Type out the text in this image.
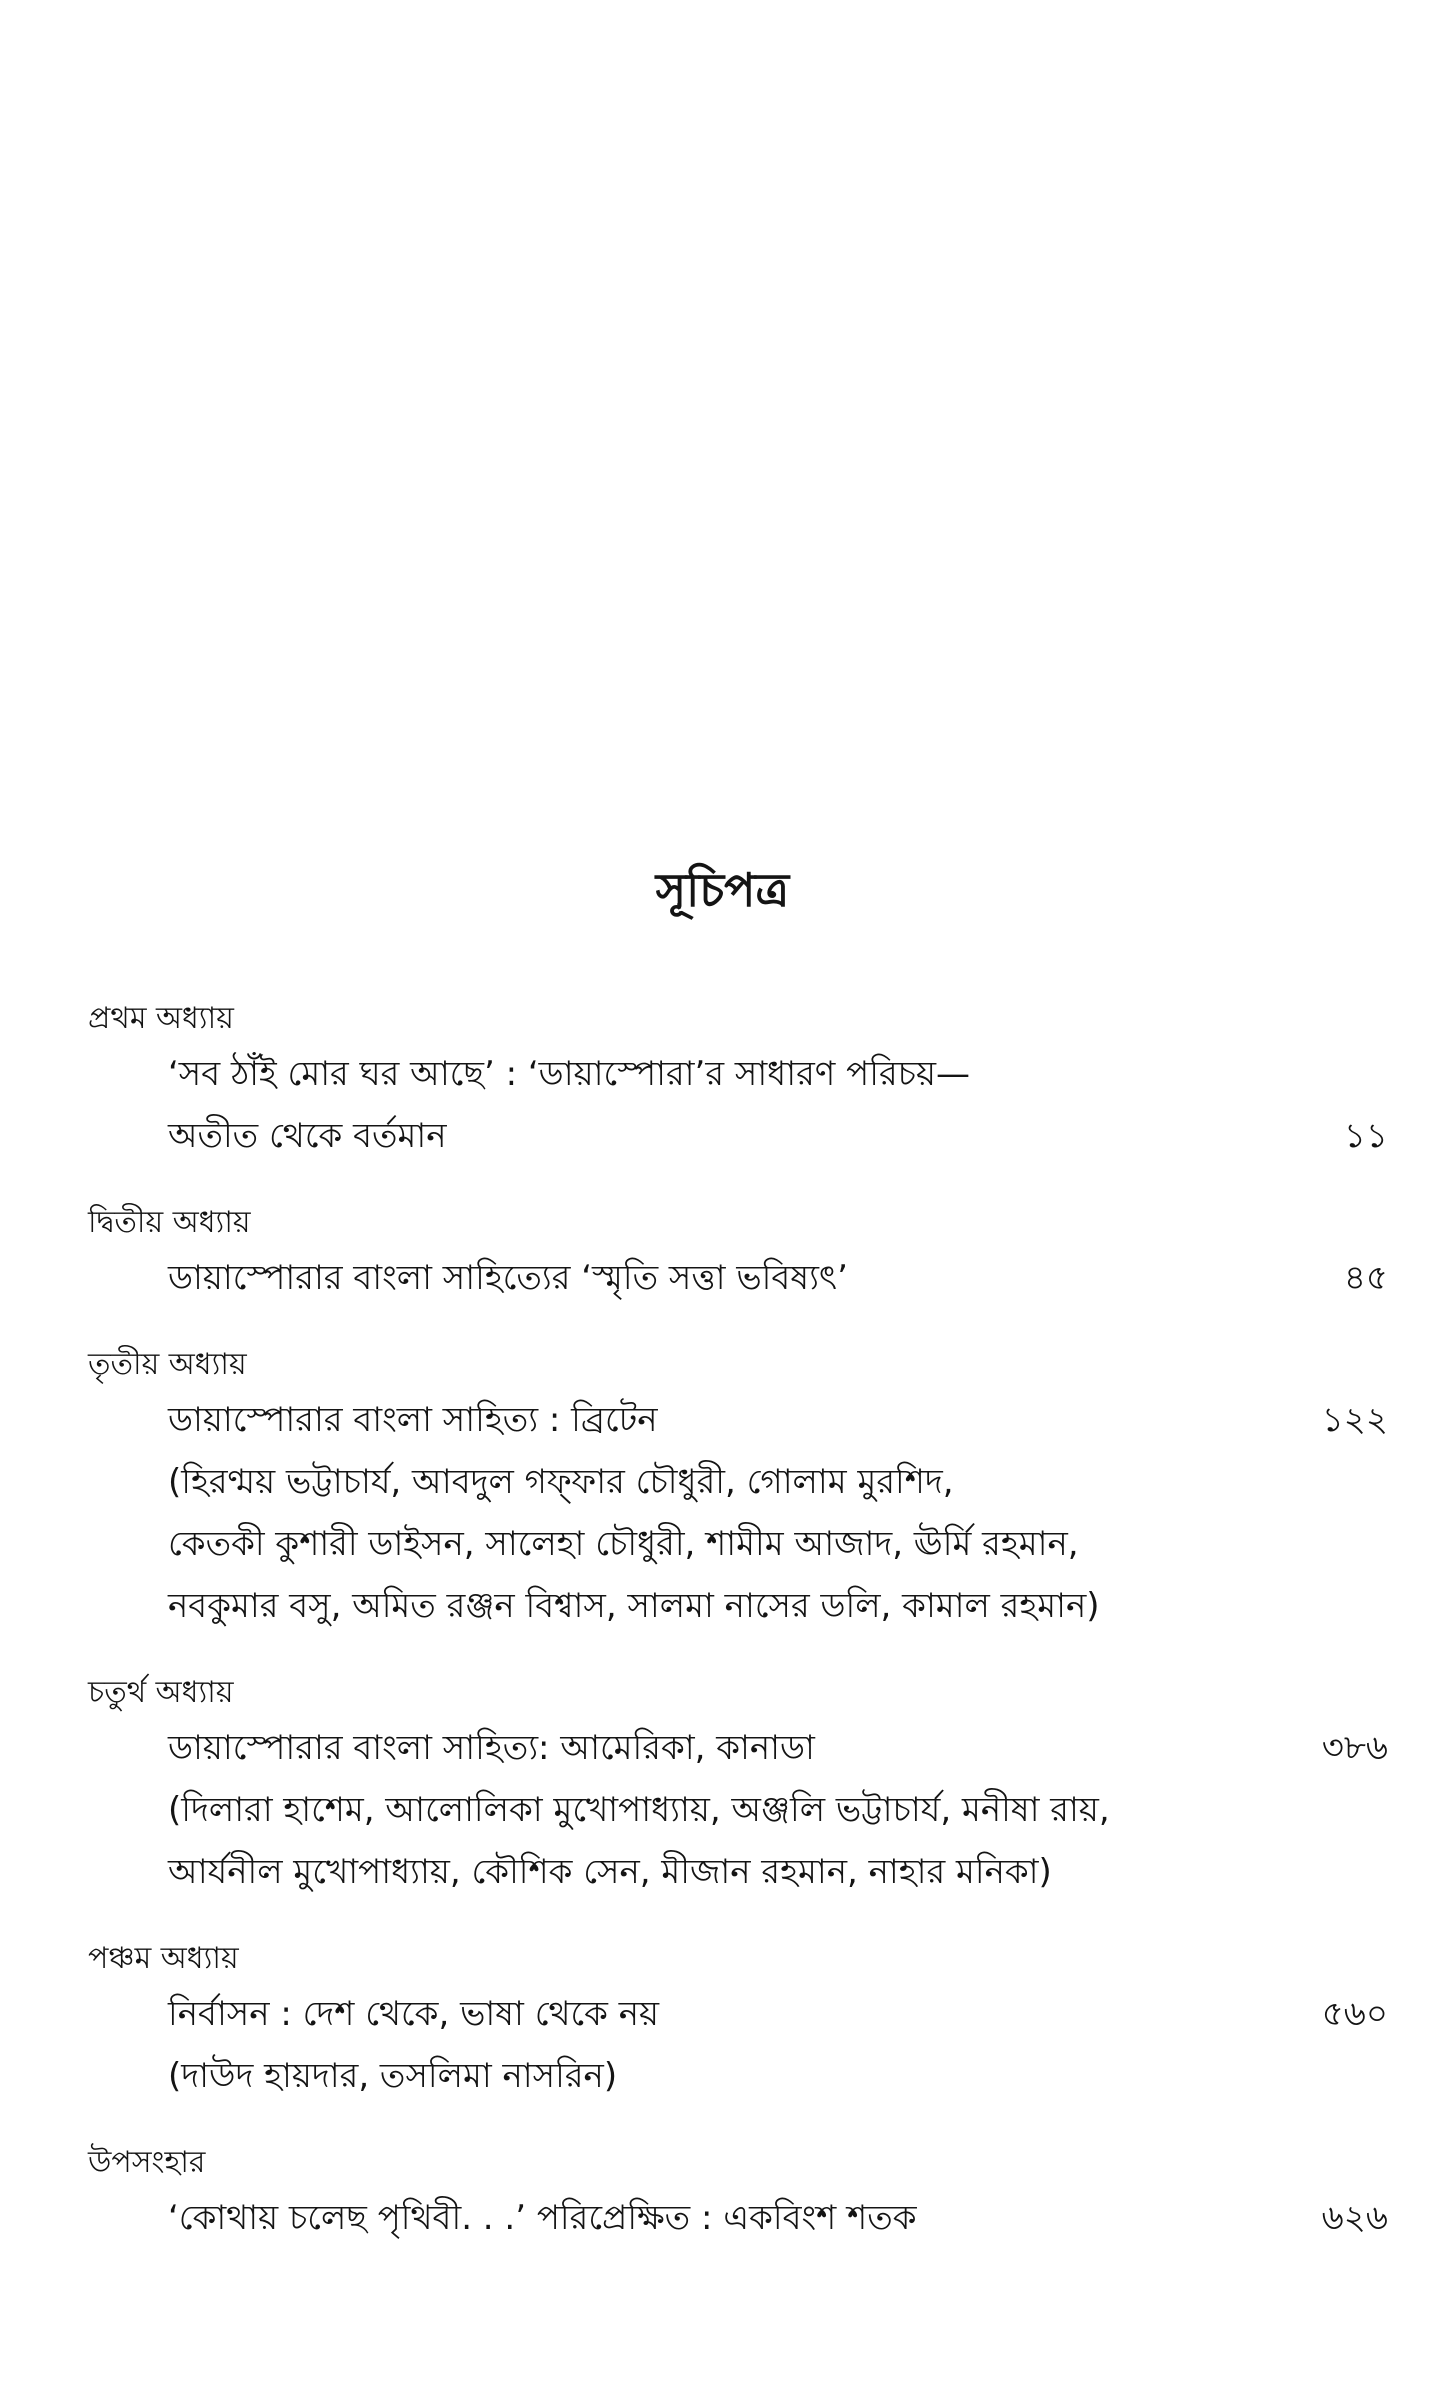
সূচিপত্র
প্রথম অধ্যায়
‘সব ঠাঁই মোর ঘর আছে’ : ‘ডায়াস্পোরা’র সাধারণ পরিচয়—
অতীত থেকে বর্তমান	১১
দ্বিতীয় অধ্যায়
ডায়াস্পোরার বাংলা সাহিত্যের ‘স্মৃতি সত্তা ভবিষ্যৎ’	৪৫
তৃতীয় অধ্যায়
ডায়াস্পোরার বাংলা সাহিত্য : ব্রিটেন	১২২
(হিরণ্ময় ভট্টাচার্য, আবদুল গফ্ফার চৌধুরী, গোলাম মুরশিদ,
কেতকী কুশারী ডাইসন, সালেহা চৌধুরী, শামীম আজাদ, ঊর্মি রহমান,
নবকুমার বসু, অমিত রঞ্জন বিশ্বাস, সালমা নাসের ডলি, কামাল রহমান)
চতুর্থ অধ্যায়
ডায়াস্পোরার বাংলা সাহিত্য: আমেরিকা, কানাডা	৩৮৬
(দিলারা হাশেম, আলোলিকা মুখোপাধ্যায়, অঞ্জলি ভট্টাচার্য, মনীষা রায়,
আর্যনীল মুখোপাধ্যায়, কৌশিক সেন, মীজান রহমান, নাহার মনিকা)
পঞ্চম অধ্যায়
নির্বাসন : দেশ থেকে, ভাষা থেকে নয়	৫৬০
(দাউদ হায়দার, তসলিমা নাসরিন)
উপসংহার
‘কোথায় চলেছ পৃথিবী. . .’ পরিপ্রেক্ষিত : একবিংশ শতক	৬২৬
